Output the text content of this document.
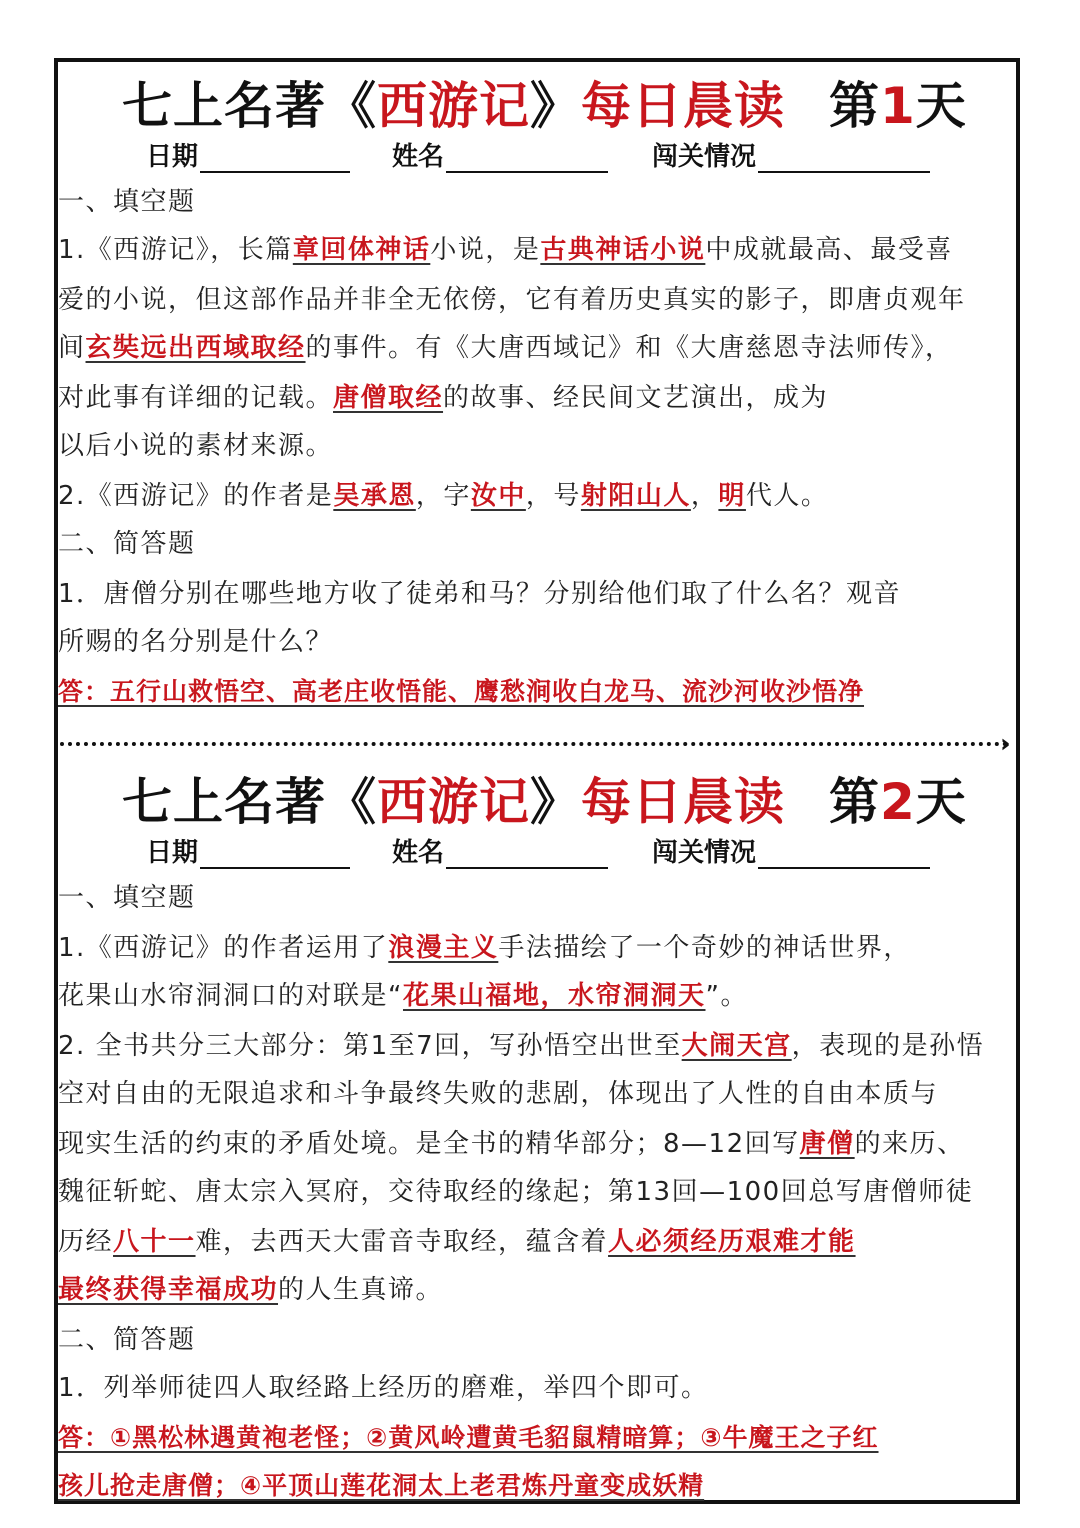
七上名著《西游记》每日晨读 第1天
日期	姓名	闯关情况
一、填空题
1.《西游记》，长篇章回体神话小说，是古典神话小说中成就最高、最受喜
爱的小说，但这部作品并非全无依傍，它有着历史真实的影子，即唐贞观年
间玄奘远出西域取经的事件。有《大唐西域记》和《大唐慈恩寺法师传》，
对此事有详细的记载。唐僧取经的故事、经民间文艺演出，成为
以后小说的素材来源。
2.《西游记》的作者是吴承恩，字汝中，号射阳山人，明代人。
二、简答题
1．唐僧分别在哪些地方收了徒弟和马？分别给他们取了什么名？观音
所赐的名分别是什么？
答：五行山救悟空、高老庄收悟能、鹰愁涧收白龙马、流沙河收沙悟净
›
七上名著《西游记》每日晨读 第2天
日期	姓名	闯关情况
一、填空题
1.《西游记》的作者运用了浪漫主义手法描绘了一个奇妙的神话世界，
花果山水帘洞洞口的对联是“花果山福地，水帘洞洞天”。
2. 全书共分三大部分：第1至7回，写孙悟空出世至大闹天宫，表现的是孙悟
空对自由的无限追求和斗争最终失败的悲剧，体现出了人性的自由本质与
现实生活的约束的矛盾处境。是全书的精华部分；8—12回写唐僧的来历、
魏征斩蛇、唐太宗入冥府，交待取经的缘起；第13回—100回总写唐僧师徒
历经八十一难，去西天大雷音寺取经，蕴含着人必须经历艰难才能
最终获得幸福成功的人生真谛。
二、简答题
1．列举师徒四人取经路上经历的磨难，举四个即可。
答：①黑松林遇黄袍老怪；②黄风岭遭黄毛貂鼠精暗算；③牛魔王之子红
孩儿抢走唐僧；④平顶山莲花洞太上老君炼丹童变成妖精
